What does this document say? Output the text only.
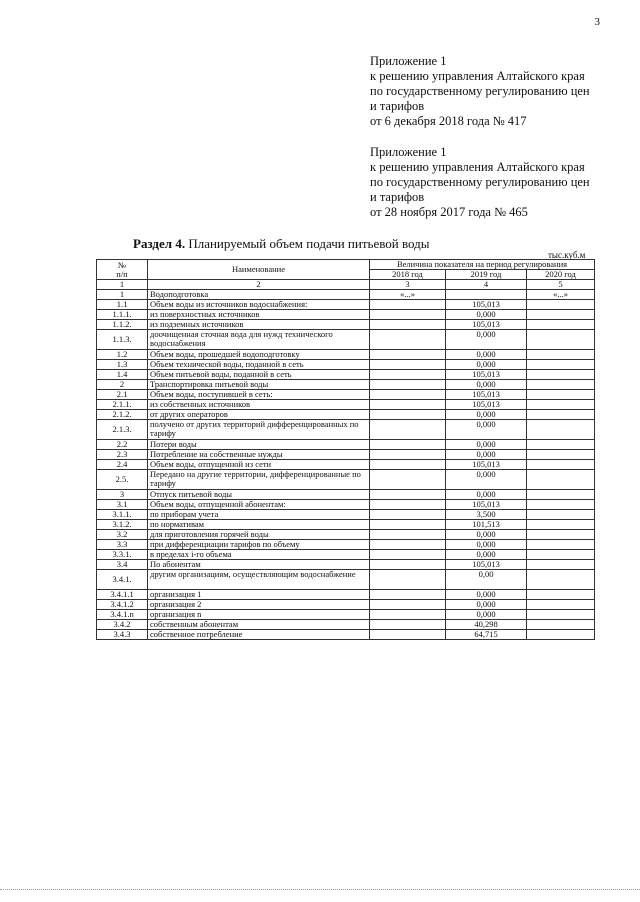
3
Приложение 1
к решению управления Алтайского края
по государственному регулированию цен
и тарифов
от 6 декабря 2018 года № 417
Приложение 1
к решению управления Алтайского края
по государственному регулированию цен
и тарифов
от 28 ноября 2017 года № 465
Раздел 4. Планируемый объем подачи питьевой воды
тыс.куб.м
№
п/п	Наименование	Величина показателя на период регулирования		
		2018 год	2019 год	2020 год
1	2	3	4	5
1	Водоподготовка	«...»		«...»
1.1	Объем воды из источников водоснабжения:		105,013	
1.1.1.	из поверхностных источников		0,000	
1.1.2.	из подземных источников		105,013	
1.1.3.	доочищенная сточная вода для нужд технического водоснабжения		0,000	
1.2	Объем воды, прошедшей водоподготовку		0,000	
1.3	Объем технической воды, поданной в сеть		0,000	
1.4	Объем питьевой воды, поданной в сеть		105,013	
2	Транспортировка питьевой воды		0,000	
2.1	Объем воды, поступившей в сеть:		105,013	
2.1.1.	из собственных источников		105,013	
2.1.2.	от других операторов		0,000	
2.1.3.	получено от других территорий дифференцированных по тарифу		0,000	
2.2	Потери воды		0,000	
2.3	Потребление на собственные нужды		0,000	
2.4	Объем воды, отпущенной из сети		105,013	
2.5.	Передано на другие территории, дифференцированные по тарифу		0,000	
3	Отпуск питьевой воды		0,000	
3.1	Объем воды, отпущенной абонентам:		105,013	
3.1.1.	по приборам учета		3,500	
3.1.2.	по нормативам		101,513	
3.2	для приготовления горячей воды		0,000	
3.3	при дифференциации тарифов по объему		0,000	
3.3.1.	в пределах i-го объема		0,000	
3.4	По абонентам		105,013	
3.4.1.	другим организациям, осуществляющим водоснабжение		0,00	
3.4.1.1	организация 1		0,000	
3.4.1.2	организация 2		0,000	
3.4.1.n	организация n		0,000	
3.4.2	собственным абонентам		40,298	
3.4.3	собственное потребление		64,715	
